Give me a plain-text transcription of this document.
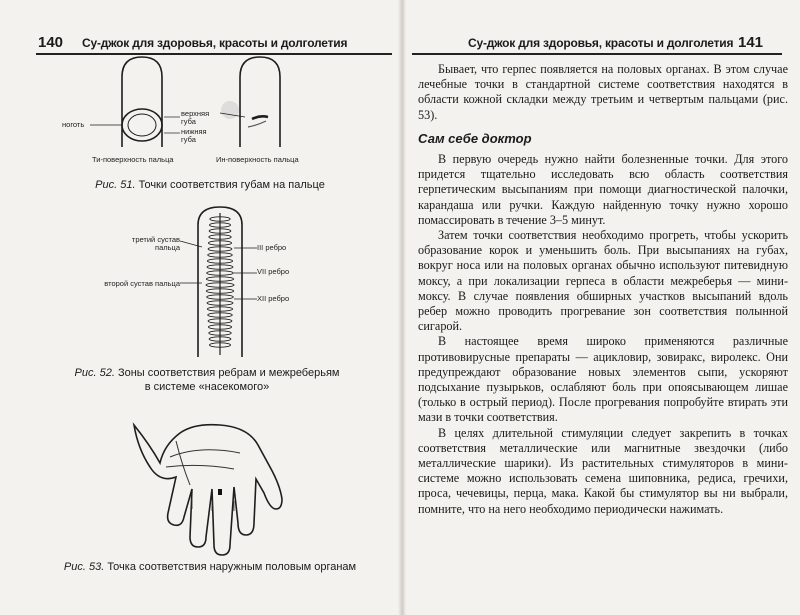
140 Су-джок для здоровья, красоты и долголетия
ноготь
верхняя губа
нижняя губа
Ти-поверхность пальца	Ин-поверхность пальца
Рис. 51. Точки соответствия губам на пальце
третий сустав пальца
второй сустав пальца
III ребро
VII ребро
XII ребро
Рис. 52. Зоны соответствия ребрам и межреберьям в системе «насекомого»
Рис. 53. Точка соответствия наружным половым органам
Су-джок для здоровья, красоты и долголетия 141

Бывает, что герпес появляется на половых органах. В этом случае лечебные точки в стандартной системе соответствия находятся в области кожной складки между третьим и четвертым пальцами (рис. 53).

Сам себе доктор

В первую очередь нужно найти болезненные точки. Для этого придется тщательно исследовать всю область соответствия герпетическим высыпаниям при помощи диагностической палочки, карандаша или ручки. Каждую найденную точку нужно хорошо помассировать в течение 3–5 минут.

Затем точки соответствия необходимо прогреть, чтобы ускорить образование корок и уменьшить боль. При высыпаниях на губах, вокруг носа или на половых органах обычно используют питевидную моксу, а при локализации герпеса в области межреберья — мини-моксу. В случае появления обширных участков высыпаний вдоль ребер можно проводить прогревание зон соответствия полынной сигарой.

В настоящее время широко применяются различные противовирусные препараты — ацикловир, зовиракс, виролекс. Они предупреждают образование новых элементов сыпи, ускоряют подсыхание пузырьков, ослабляют боль при опоясывающем лишае (только в острый период). После прогревания попробуйте втирать эти мази в точки соответствия.

В целях длительной стимуляции следует закрепить в точках соответствия металлические или магнитные звездочки (либо металлические шарики). Из растительных стимуляторов в мини-системе можно использовать семена шиповника, редиса, гречихи, проса, чечевицы, перца, мака. Какой бы стимулятор вы ни выбрали, помните, что на него необходимо периодически нажимать.
